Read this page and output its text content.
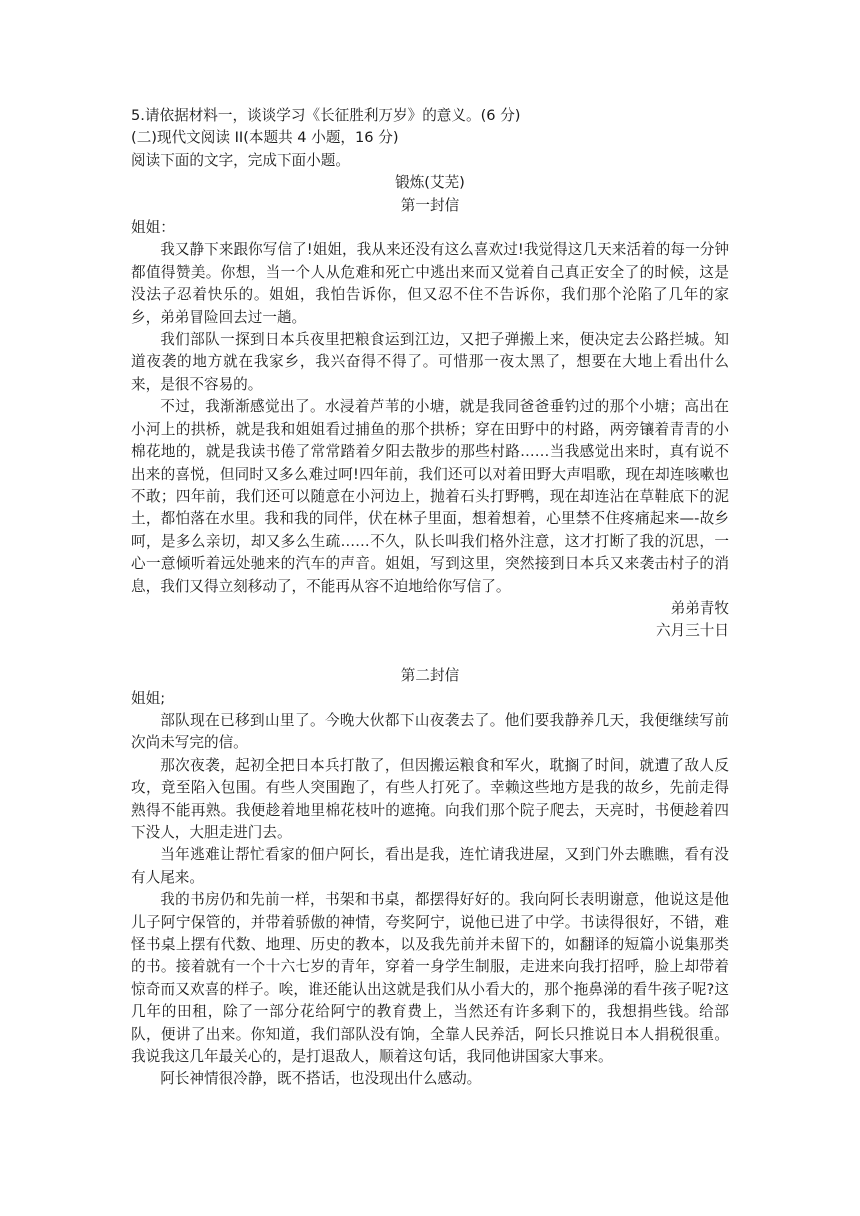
5.请依据材料一，谈谈学习《长征胜利万岁》的意义。(6 分)

(二)现代文阅读 II(本题共 4 小题，16 分)

阅读下面的文字，完成下面小题。

锻炼(艾芜)

第一封信

姐姐：

我又静下来跟你写信了!姐姐，我从来还没有这么喜欢过!我觉得这几天来活着的每一分钟都值得赞美。你想，当一个人从危难和死亡中逃出来而又觉着自己真正安全了的时候，这是没法子忍着快乐的。姐姐，我怕告诉你，但又忍不住不告诉你，我们那个沦陷了几年的家乡，弟弟冒险回去过一趟。

我们部队一探到日本兵夜里把粮食运到江边，又把子弹搬上来，便决定去公路拦城。知道夜袭的地方就在我家乡，我兴奋得不得了。可惜那一夜太黑了，想要在大地上看出什么来，是很不容易的。

不过，我渐渐感觉出了。水浸着芦苇的小塘，就是我同爸爸垂钓过的那个小塘；高出在小河上的拱桥，就是我和姐姐看过捕鱼的那个拱桥；穿在田野中的村路，两旁镶着青青的小棉花地的，就是我读书倦了常常踏着夕阳去散步的那些村路……当我感觉出来时，真有说不出来的喜悦，但同时又多么难过呵!四年前，我们还可以对着田野大声唱歌，现在却连咳嗽也不敢；四年前，我们还可以随意在小河边上，抛着石头打野鸭，现在却连沾在草鞋底下的泥土，都怕落在水里。我和我的同伴，伏在林子里面，想着想着，心里禁不住疼痛起来—-故乡呵，是多么亲切，却又多么生疏……不久，队长叫我们格外注意，这才打断了我的沉思，一心一意倾听着远处驰来的汽车的声音。姐姐，写到这里，突然接到日本兵又来袭击村子的消息，我们又得立刻移动了，不能再从容不迫地给你写信了。

弟弟青牧

六月三十日

第二封信

姐姐;

部队现在已移到山里了。今晚大伙都下山夜袭去了。他们要我静养几天，我便继续写前次尚未写完的信。

那次夜袭，起初全把日本兵打散了，但因搬运粮食和军火，耽搁了时间，就遭了敌人反攻，竟至陷入包围。有些人突围跑了，有些人打死了。幸赖这些地方是我的故乡，先前走得熟得不能再熟。我便趁着地里棉花枝叶的遮掩。向我们那个院子爬去，天亮时，书便趁着四下没人，大胆走进门去。

当年逃难让帮忙看家的佃户阿长，看出是我，连忙请我进屋，又到门外去瞧瞧，看有没有人尾来。

我的书房仍和先前一样，书架和书桌，都摆得好好的。我向阿长表明谢意，他说这是他儿子阿宁保管的，并带着骄傲的神情，夸奖阿宁，说他已进了中学。书读得很好，不错，难怪书桌上摆有代数、地理、历史的教本，以及我先前并未留下的，如翻译的短篇小说集那类的书。接着就有一个十六七岁的青年，穿着一身学生制服，走进来向我打招呼，脸上却带着惊奇而又欢喜的样子。唉，谁还能认出这就是我们从小看大的，那个拖鼻涕的看牛孩子呢?这几年的田租，除了一部分花给阿宁的教育费上，当然还有许多剩下的，我想捐些钱。给部队，便讲了出来。你知道，我们部队没有饷，全靠人民养活，阿长只推说日本人捐税很重。我说我这几年最关心的，是打退敌人，顺着这句话，我同他讲国家大事来。

阿长神情很冷静，既不搭话，也没现出什么感动。
